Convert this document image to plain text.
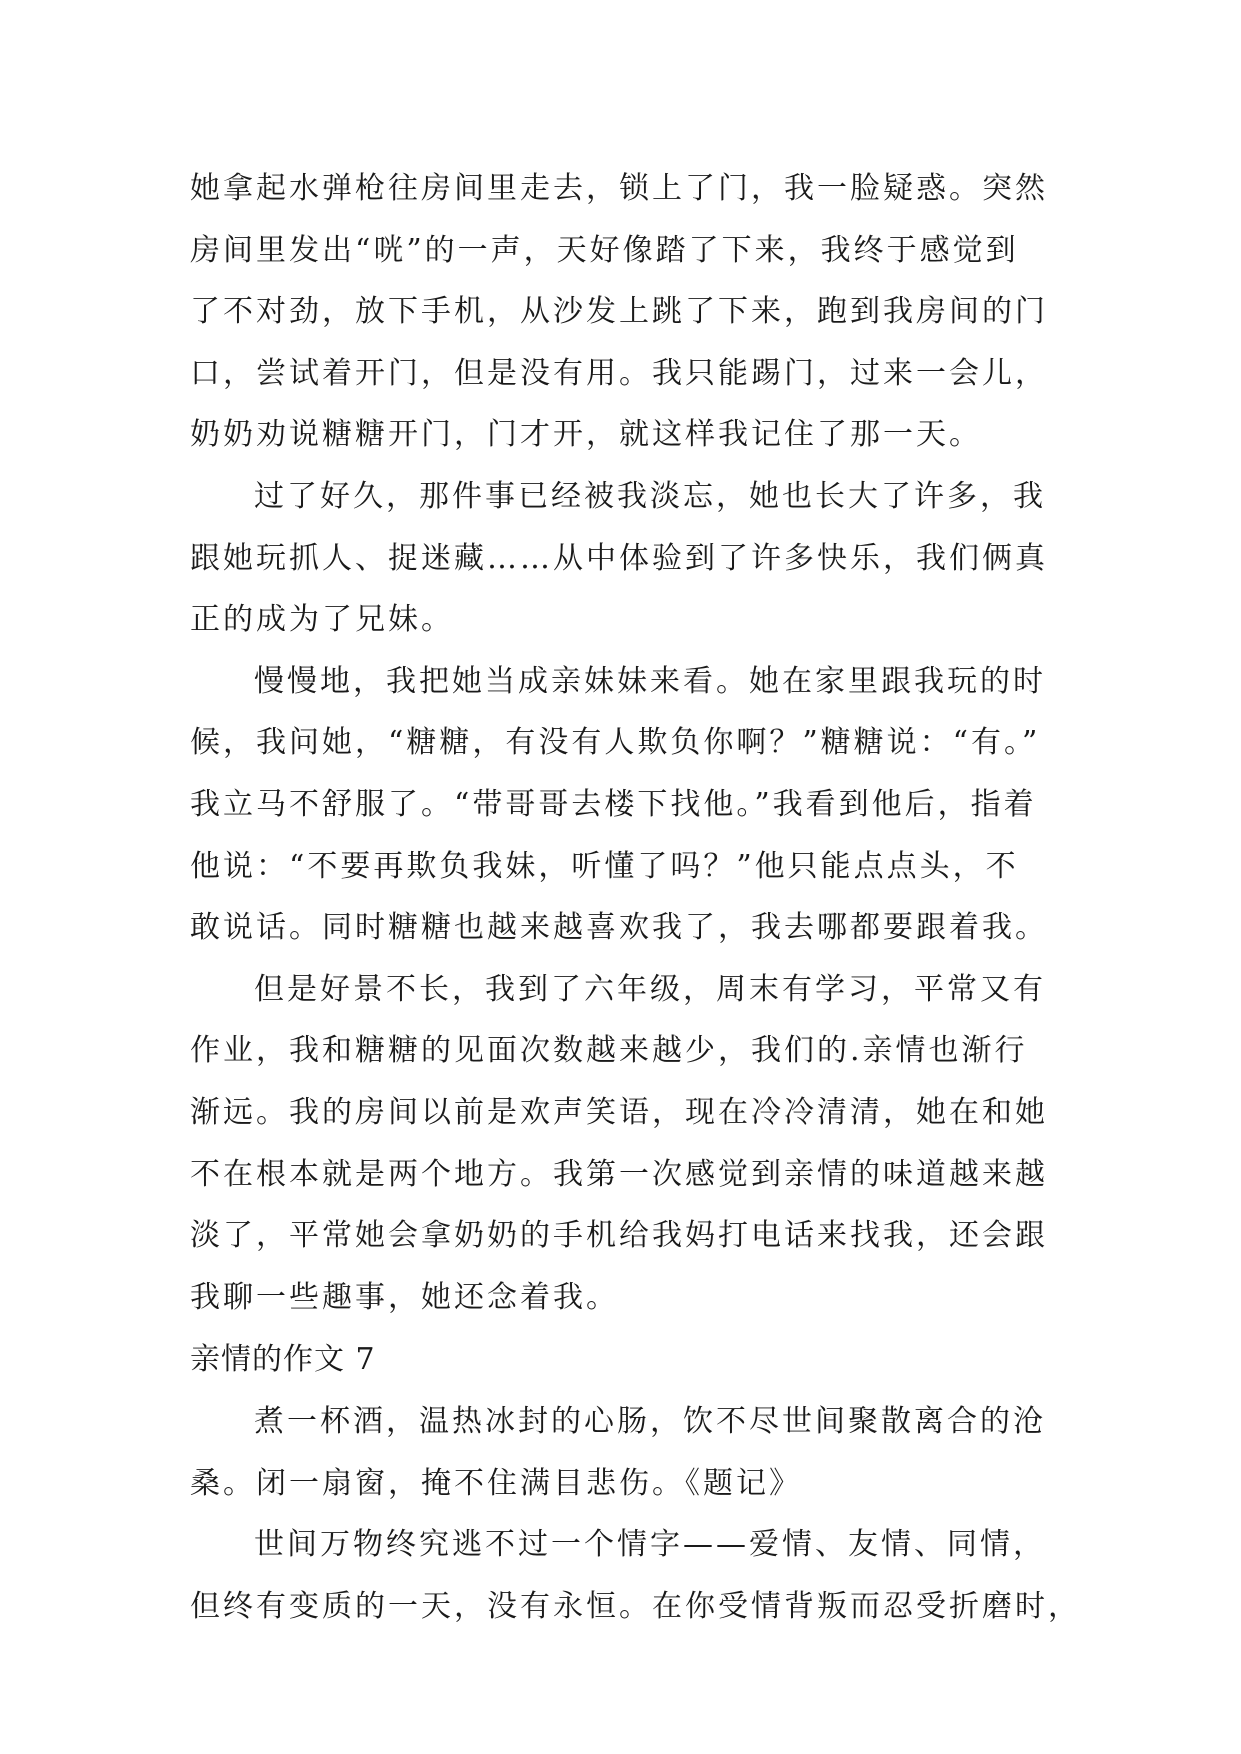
她拿起水弹枪往房间里走去，锁上了门，我一脸疑惑。突然
房间里发出“咣”的一声，天好像踏了下来，我终于感觉到
了不对劲，放下手机，从沙发上跳了下来，跑到我房间的门
口，尝试着开门，但是没有用。我只能踢门，过来一会儿，
奶奶劝说糖糖开门，门才开，就这样我记住了那一天。
过了好久，那件事已经被我淡忘，她也长大了许多，我
跟她玩抓人、捉迷藏……从中体验到了许多快乐，我们俩真
正的成为了兄妹。
慢慢地，我把她当成亲妹妹来看。她在家里跟我玩的时
候，我问她，“糖糖，有没有人欺负你啊？”糖糖说：“有。”
我立马不舒服了。“带哥哥去楼下找他。”我看到他后，指着
他说：“不要再欺负我妹，听懂了吗？”他只能点点头，不
敢说话。同时糖糖也越来越喜欢我了，我去哪都要跟着我。
但是好景不长，我到了六年级，周末有学习，平常又有
作业，我和糖糖的见面次数越来越少，我们的.亲情也渐行
渐远。我的房间以前是欢声笑语，现在冷冷清清，她在和她
不在根本就是两个地方。我第一次感觉到亲情的味道越来越
淡了，平常她会拿奶奶的手机给我妈打电话来找我，还会跟
我聊一些趣事，她还念着我。
亲情的作文 7
煮一杯酒，温热冰封的心肠，饮不尽世间聚散离合的沧
桑。闭一扇窗，掩不住满目悲伤。《题记》
世间万物终究逃不过一个情字——爱情、友情、同情，
但终有变质的一天，没有永恒。在你受情背叛而忍受折磨时，
